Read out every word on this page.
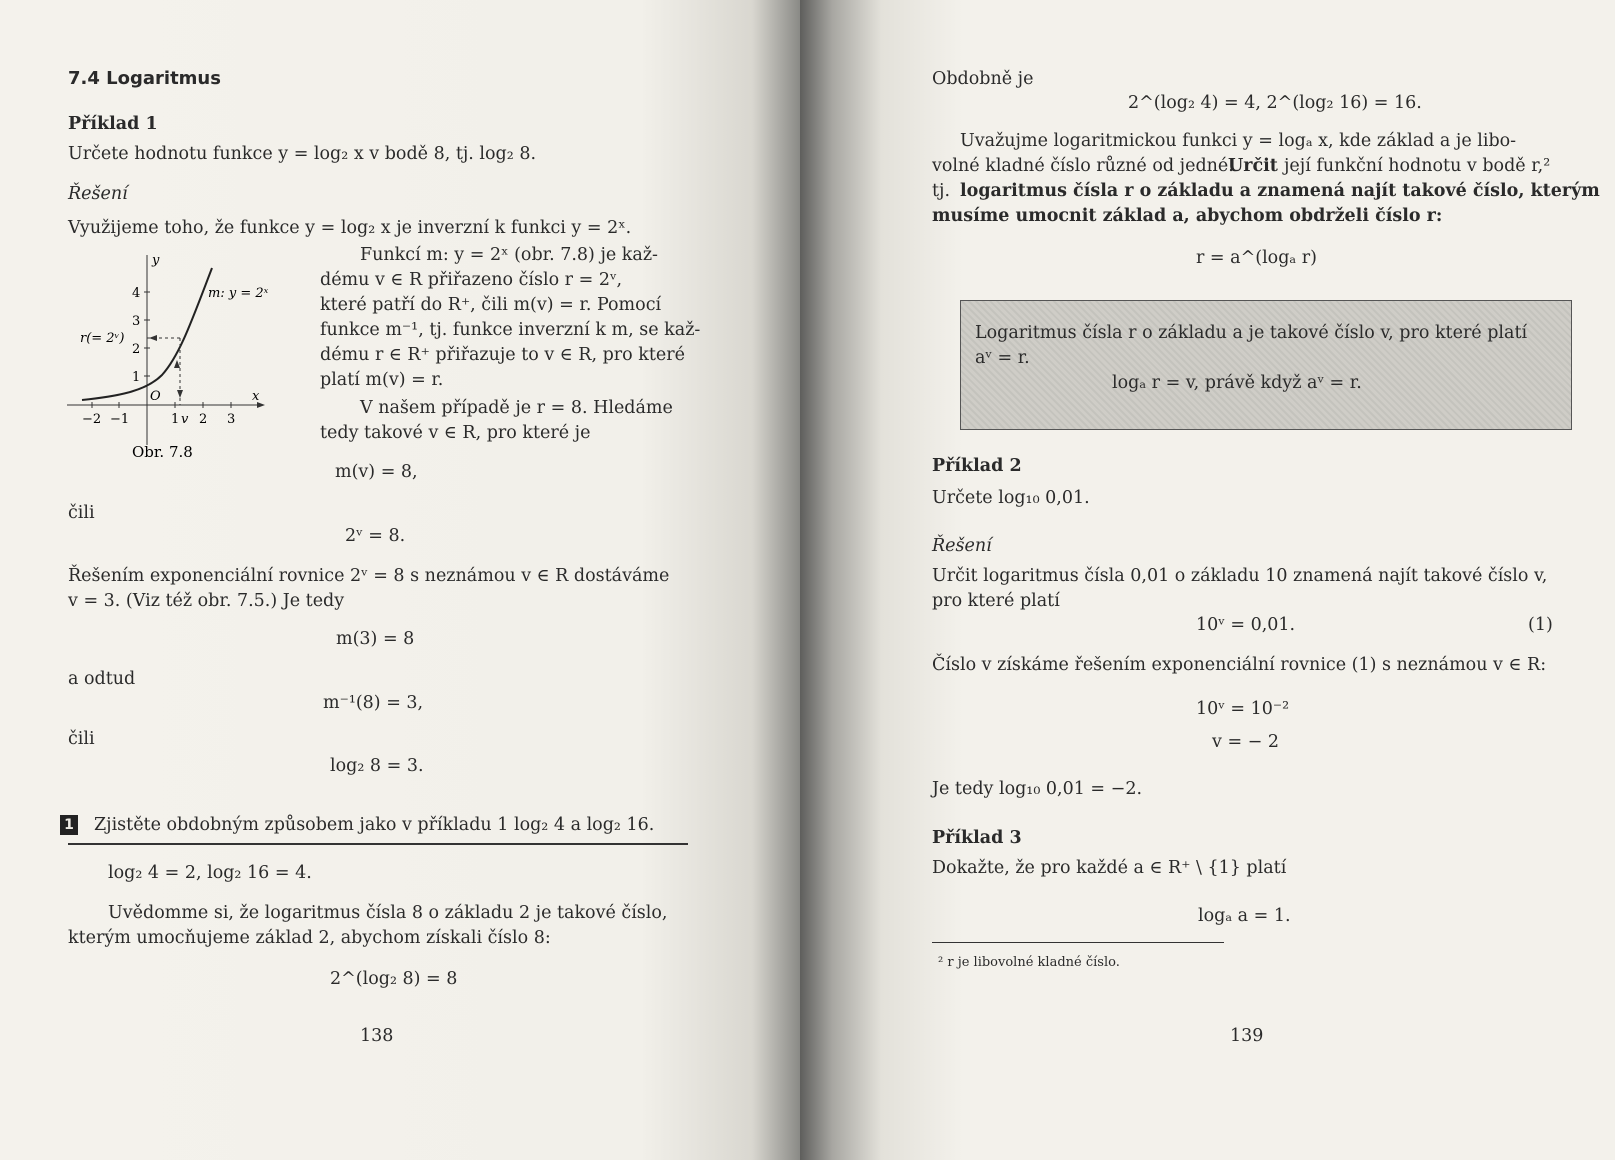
7.4 Logaritmus
Příklad 1
Určete hodnotu funkce y = log₂ x v bodě 8, tj. log₂ 8.
Řešení
Využijeme toho, že funkce y = log₂ x je inverzní k funkci y = 2ˣ.
Funkcí m: y = 2ˣ (obr. 7.8) je kaž-
dému v ∈ R přiřazeno číslo r = 2ᵛ,
které patří do R⁺, čili m(v) = r. Pomocí
funkce m⁻¹, tj. funkce inverzní k m, se kaž-
dému r ∈ R⁺ přiřazuje to v ∈ R, pro které
platí m(v) = r.
V našem případě je r = 8. Hledáme
tedy takové v ∈ R, pro které je
y
x
O
4
3
2
1
−2 −1	1 2 3
v
m: y = 2ˣ
r(= 2ᵛ)
Obr. 7.8
m(v) = 8,
čili
2ᵛ = 8.
Řešením exponenciální rovnice 2ᵛ = 8 s neznámou v ∈ R dostáváme
v = 3. (Viz též obr. 7.5.) Je tedy
m(3) = 8
a odtud
m⁻¹(8) = 3,
čili
log₂ 8 = 3.
1 Zjistěte obdobným způsobem jako v příkladu 1 log₂ 4 a log₂ 16.
log₂ 4 = 2, log₂ 16 = 4.
Uvědomme si, že logaritmus čísla 8 o základu 2 je takové číslo,
kterým umocňujeme základ 2, abychom získali číslo 8:
2^(log₂ 8) = 8
138
Obdobně je
2^(log₂ 4) = 4, 2^(log₂ 16) = 16.
Uvažujme logaritmickou funkci y = logₐ x, kde základ a je libo-
volné kladné číslo různé od jedné.
Určit její funkční hodnotu v bodě r,²
tj. logaritmus čísla r o základu a znamená najít takové číslo, kterým
musíme umocnit základ a, abychom obdrželi číslo r:
r = a^(logₐ r)
Logaritmus čísla r o základu a je takové číslo v, pro které platí
aᵛ = r.
logₐ r = v, právě když aᵛ = r.
Příklad 2
Určete log₁₀ 0,01.
Řešení
Určit logaritmus čísla 0,01 o základu 10 znamená najít takové číslo v,
pro které platí
10ᵛ = 0,01.	(1)
Číslo v získáme řešením exponenciální rovnice (1) s neznámou v ∈ R:
10ᵛ = 10⁻²
v = − 2
Je tedy log₁₀ 0,01 = −2.
Příklad 3
Dokažte, že pro každé a ∈ R⁺ \ {1} platí
logₐ a = 1.
² r je libovolné kladné číslo.
139
